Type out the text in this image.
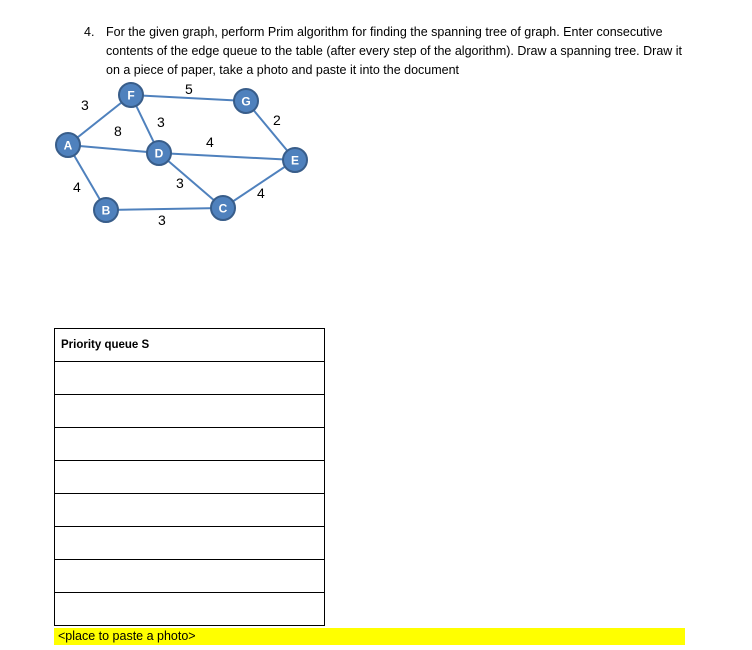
4. For the given graph, perform Prim algorithm for finding the spanning tree of graph. Enter consecutive contents of the edge queue to the table (after every step of the algorithm). Draw a spanning tree. Draw it on a piece of paper, take a photo and paste it into the document
3
4
8
5
3
4
3
3
2
4
A
B	C
D	E
F	G
Priority queue S

<place to paste a photo>
